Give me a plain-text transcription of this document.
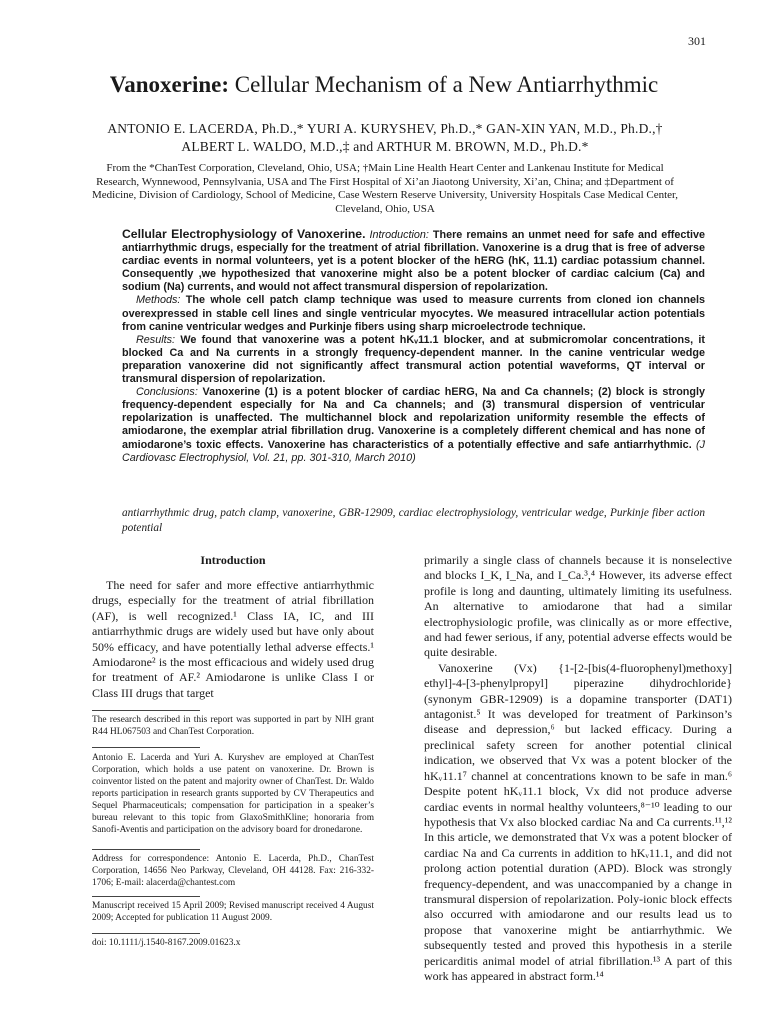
301
Vanoxerine: Cellular Mechanism of a New Antiarrhythmic
ANTONIO E. LACERDA, Ph.D.,* YURI A. KURYSHEV, Ph.D.,* GAN-XIN YAN, M.D., Ph.D.,†
ALBERT L. WALDO, M.D.,‡ and ARTHUR M. BROWN, M.D., Ph.D.*
From the *ChanTest Corporation, Cleveland, Ohio, USA; †Main Line Health Heart Center and Lankenau Institute for Medical Research, Wynnewood, Pennsylvania, USA and The First Hospital of Xi’an Jiaotong University, Xi’an, China; and ‡Department of Medicine, Division of Cardiology, School of Medicine, Case Western Reserve University, University Hospitals Case Medical Center, Cleveland, Ohio, USA

Cellular Electrophysiology of Vanoxerine. Introduction: There remains an unmet need for safe and effective antiarrhythmic drugs, especially for the treatment of atrial fibrillation. Vanoxerine is a drug that is free of adverse cardiac events in normal volunteers, yet is a potent blocker of the hERG (hK, 11.1) cardiac potassium channel. Consequently ,we hypothesized that vanoxerine might also be a potent blocker of cardiac calcium (Ca) and sodium (Na) currents, and would not affect transmural dispersion of repolarization.

Methods: The whole cell patch clamp technique was used to measure currents from cloned ion channels overexpressed in stable cell lines and single ventricular myocytes. We measured intracellular action potentials from canine ventricular wedges and Purkinje fibers using sharp microelectrode technique.

Results: We found that vanoxerine was a potent hKᵥ11.1 blocker, and at submicromolar concentrations, it blocked Ca and Na currents in a strongly frequency-dependent manner. In the canine ventricular wedge preparation vanoxerine did not significantly affect transmural action potential waveforms, QT interval or transmural dispersion of repolarization.

Conclusions: Vanoxerine (1) is a potent blocker of cardiac hERG, Na and Ca channels; (2) block is strongly frequency-dependent especially for Na and Ca channels; and (3) transmural dispersion of ventricular repolarization is unaffected. The multichannel block and repolarization uniformity resemble the effects of amiodarone, the exemplar atrial fibrillation drug. Vanoxerine is a completely different chemical and has none of amiodarone’s toxic effects. Vanoxerine has characteristics of a potentially effective and safe antiarrhythmic. (J Cardiovasc Electrophysiol, Vol. 21, pp. 301-310, March 2010)

antiarrhythmic drug, patch clamp, vanoxerine, GBR-12909, cardiac electrophysiology, ventricular wedge, Purkinje fiber action potential
Introduction

The need for safer and more effective antiarrhythmic drugs, especially for the treatment of atrial fibrillation (AF), is well recognized.¹ Class IA, IC, and III antiarrhythmic drugs are widely used but have only about 50% efficacy, and have potentially lethal adverse effects.¹ Amiodarone² is the most efficacious and widely used drug for treatment of AF.² Amiodarone is unlike Class I or Class III drugs that target

primarily a single class of channels because it is nonselective and blocks I_K, I_Na, and I_Ca.³,⁴ However, its adverse effect profile is long and daunting, ultimately limiting its usefulness. An alternative to amiodarone that had a similar electrophysiologic profile, was clinically as or more effective, and had fewer serious, if any, potential adverse effects would be quite desirable.

Vanoxerine (Vx) {1-[2-[bis(4-fluorophenyl)methoxy] ethyl]-4-[3-phenylpropyl] piperazine dihydrochloride} (synonym GBR-12909) is a dopamine transporter (DAT1) antagonist.⁵ It was developed for treatment of Parkinson’s disease and depression,⁶ but lacked efficacy. During a preclinical safety screen for another potential clinical indication, we observed that Vx was a potent blocker of the hKᵥ11.1⁷ channel at concentrations known to be safe in man.⁶ Despite potent hKᵥ11.1 block, Vx did not produce adverse cardiac events in normal healthy volunteers,⁸⁻¹⁰ leading to our hypothesis that Vx also blocked cardiac Na and Ca currents.¹¹,¹² In this article, we demonstrated that Vx was a potent blocker of cardiac Na and Ca currents in addition to hKᵥ11.1, and did not prolong action potential duration (APD). Block was strongly frequency-dependent, and was unaccompanied by a change in transmural dispersion of repolarization. Poly-ionic block effects also occurred with amiodarone and our results lead us to propose that vanoxerine might be antiarrhythmic. We subsequently tested and proved this hypothesis in a sterile pericarditis animal model of atrial fibrillation.¹³ A part of this work has appeared in abstract form.¹⁴

The research described in this report was supported in part by NIH grant R44 HL067503 and ChanTest Corporation.
Antonio E. Lacerda and Yuri A. Kuryshev are employed at ChanTest Corporation, which holds a use patent on vanoxerine. Dr. Brown is coinventor listed on the patent and majority owner of ChanTest. Dr. Waldo reports participation in research grants supported by CV Therapeutics and Sequel Pharmaceuticals; compensation for participation in a speaker’s bureau relevant to this topic from GlaxoSmithKline; honoraria from Sanofi-Aventis and participation on the advisory board for dronedarone.
Address for correspondence: Antonio E. Lacerda, Ph.D., ChanTest Corporation, 14656 Neo Parkway, Cleveland, OH 44128. Fax: 216-332-1706; E-mail: alacerda@chantest.com
Manuscript received 15 April 2009; Revised manuscript received 4 August 2009; Accepted for publication 11 August 2009.
doi: 10.1111/j.1540-8167.2009.01623.x
